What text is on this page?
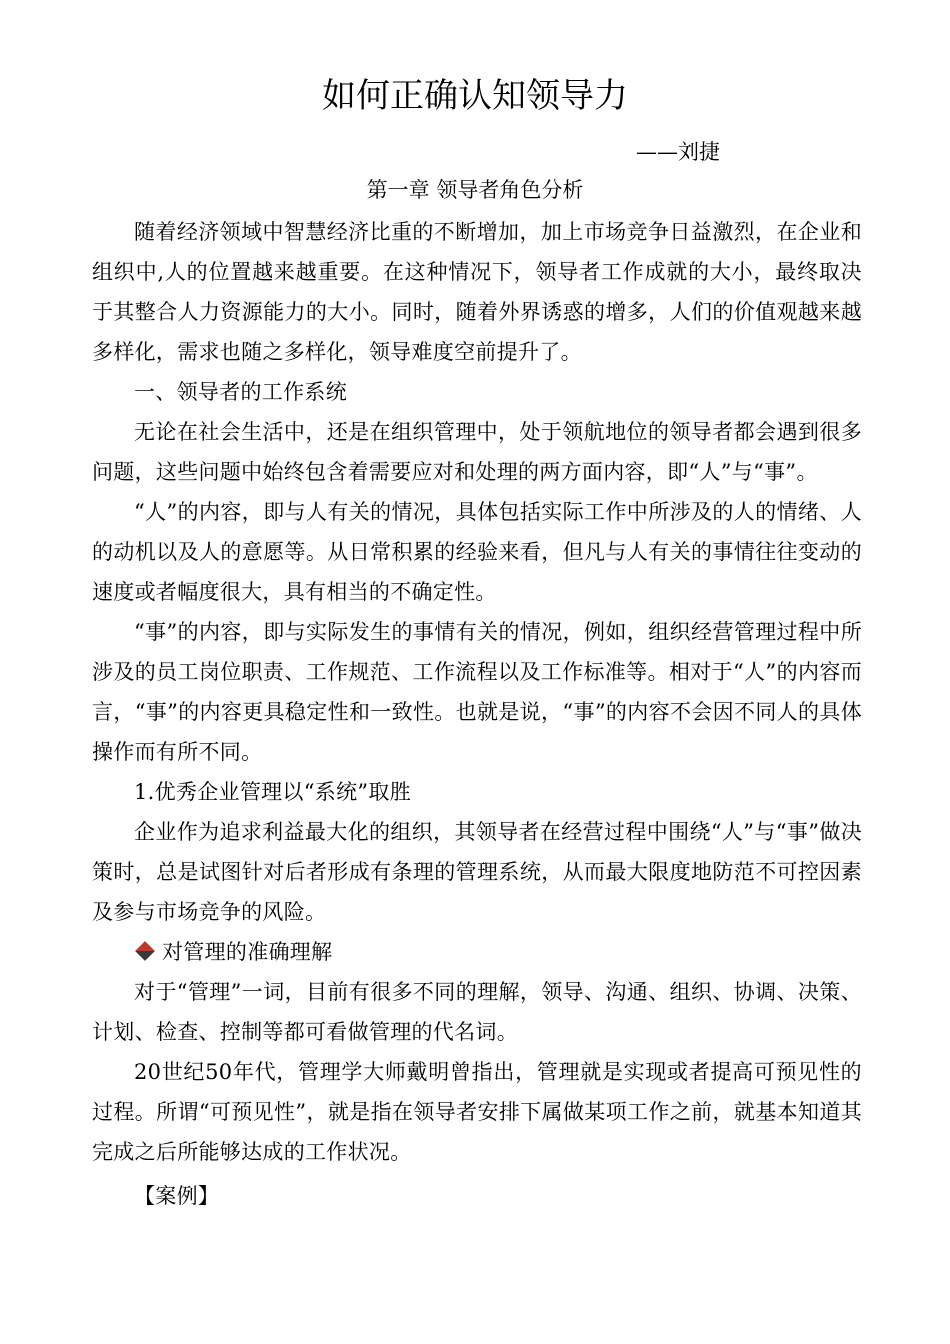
如何正确认知领导力
——刘捷
第一章 领导者角色分析

随着经济领域中智慧经济比重的不断增加，加上市场竞争日益激烈，在企业和组织中,人的位置越来越重要。在这种情况下，领导者工作成就的大小，最终取决于其整合人力资源能力的大小。同时，随着外界诱惑的增多，人们的价值观越来越多样化，需求也随之多样化，领导难度空前提升了。

一、领导者的工作系统

无论在社会生活中，还是在组织管理中，处于领航地位的领导者都会遇到很多问题，这些问题中始终包含着需要应对和处理的两方面内容，即“人”与“事”。

“人”的内容，即与人有关的情况，具体包括实际工作中所涉及的人的情绪、人的动机以及人的意愿等。从日常积累的经验来看，但凡与人有关的事情往往变动的速度或者幅度很大，具有相当的不确定性。

“事”的内容，即与实际发生的事情有关的情况，例如，组织经营管理过程中所涉及的员工岗位职责、工作规范、工作流程以及工作标准等。相对于“人”的内容而言，“事”的内容更具稳定性和一致性。也就是说，“事”的内容不会因不同人的具体操作而有所不同。

1.优秀企业管理以“系统”取胜

企业作为追求利益最大化的组织，其领导者在经营过程中围绕“人”与“事”做决策时，总是试图针对后者形成有条理的管理系统，从而最大限度地防范不可控因素及参与市场竞争的风险。

对管理的准确理解

对于“管理”一词，目前有很多不同的理解，领导、沟通、组织、协调、决策、计划、检查、控制等都可看做管理的代名词。

20世纪50年代，管理学大师戴明曾指出，管理就是实现或者提高可预见性的过程。所谓“可预见性”，就是指在领导者安排下属做某项工作之前，就基本知道其完成之后所能够达成的工作状况。

【案例】
